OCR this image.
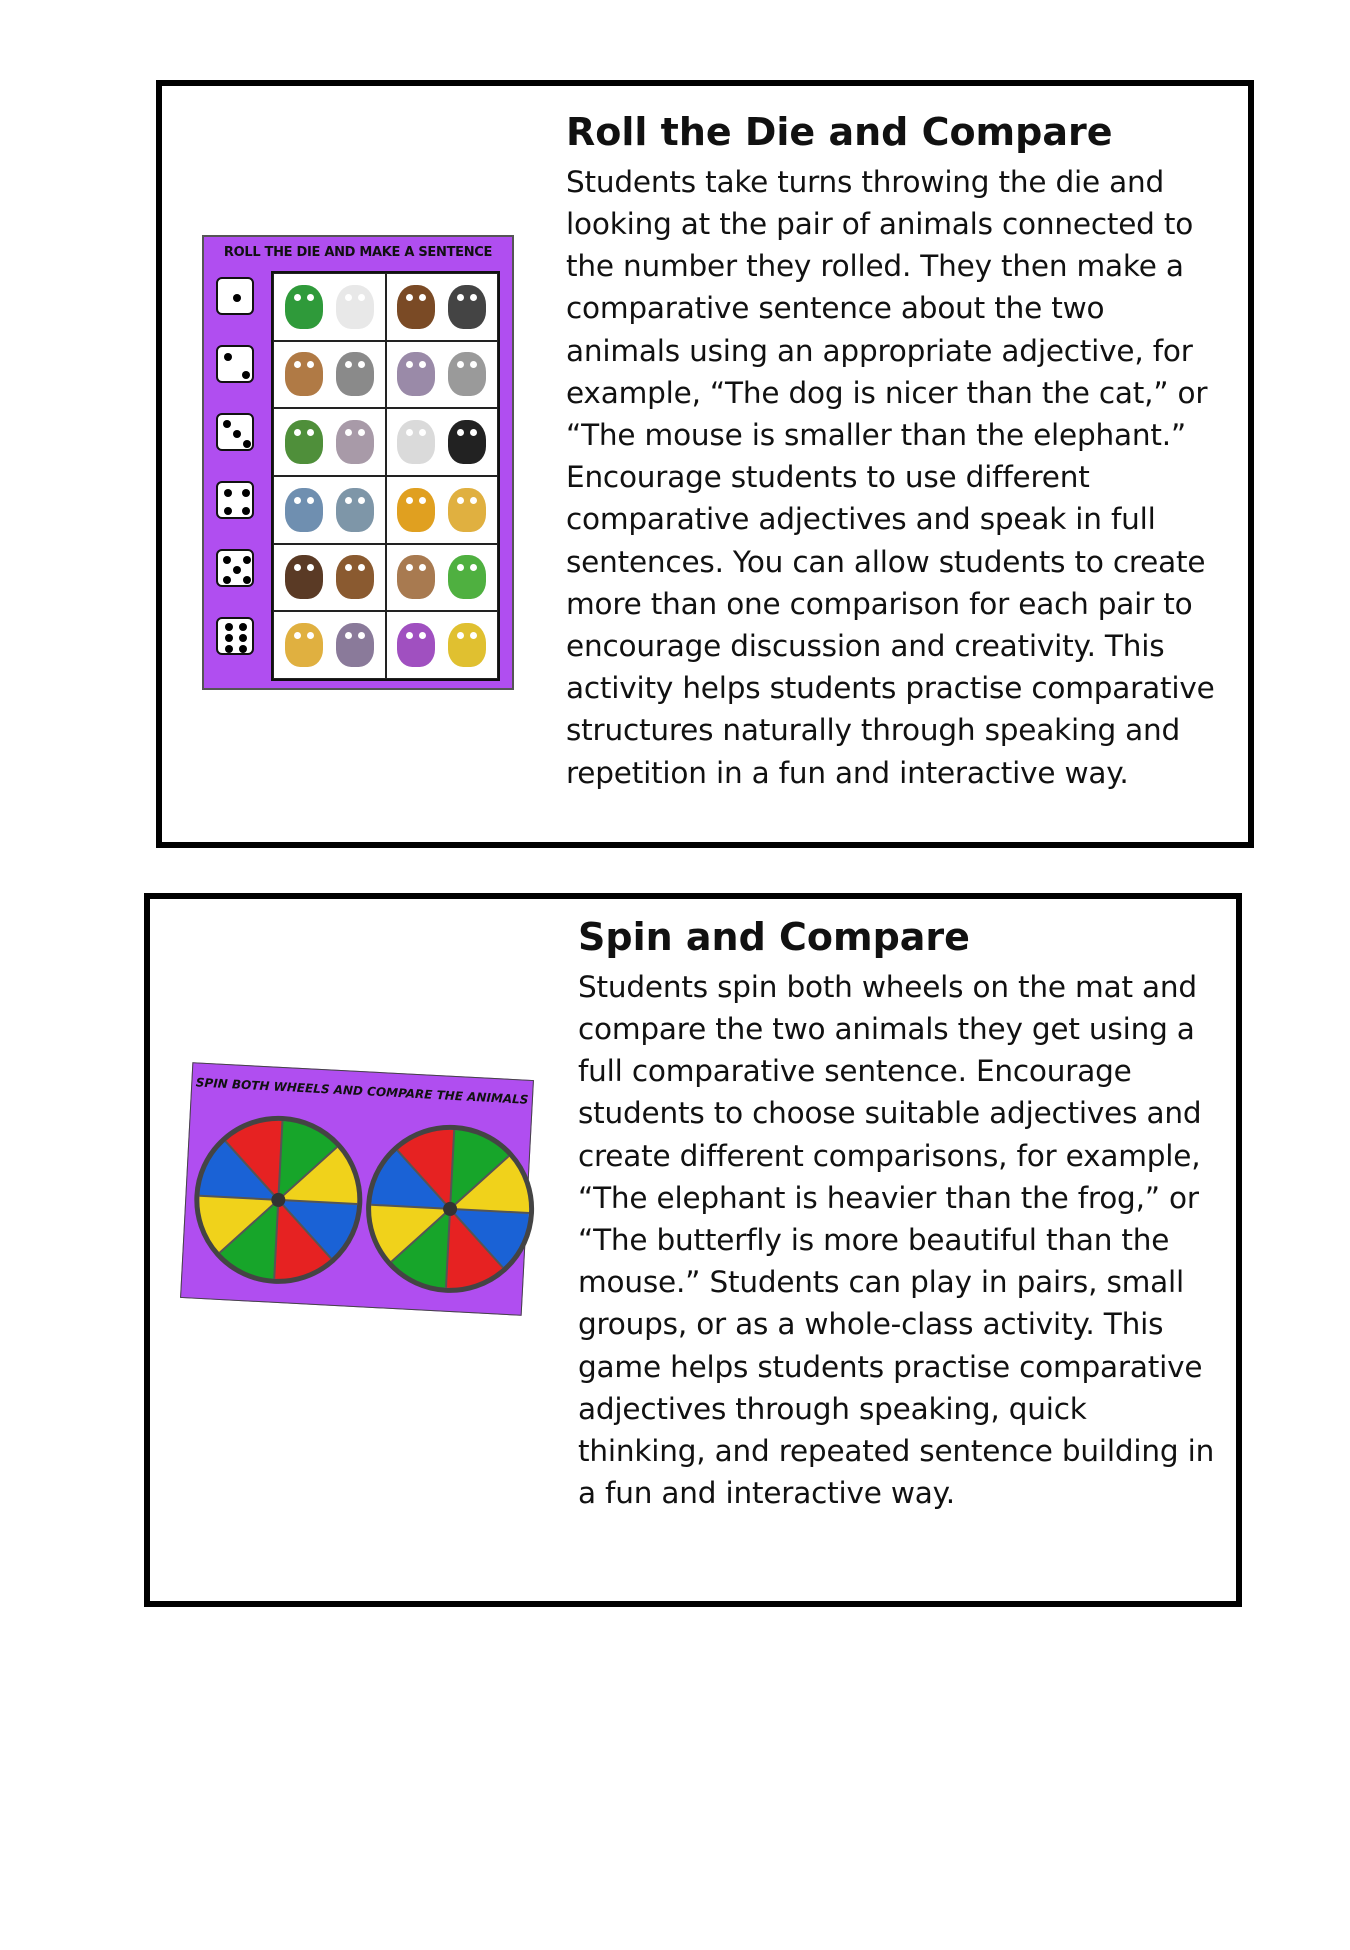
ROLL THE DIE AND MAKE A SENTENCE
Roll the Die and Compare

Students take turns throwing the die and looking at the pair of animals connected to the number they rolled. They then make a comparative sentence about the two animals using an appropriate adjective, for example, “The dog is nicer than the cat,” or “The mouse is smaller than the elephant.” Encourage students to use different comparative adjectives and speak in full sentences. You can allow students to create more than one comparison for each pair to encourage discussion and creativity. This activity helps students practise comparative structures naturally through speaking and repetition in a fun and interactive way.

SPIN BOTH WHEELS AND COMPARE THE ANIMALS
Spin and Compare

Students spin both wheels on the mat and compare the two animals they get using a full comparative sentence. Encourage students to choose suitable adjectives and create different comparisons, for example, “The elephant is heavier than the frog,” or “The butterfly is more beautiful than the mouse.” Students can play in pairs, small groups, or as a whole-class activity. This game helps students practise comparative adjectives through speaking, quick thinking, and repeated sentence building in a fun and interactive way.
